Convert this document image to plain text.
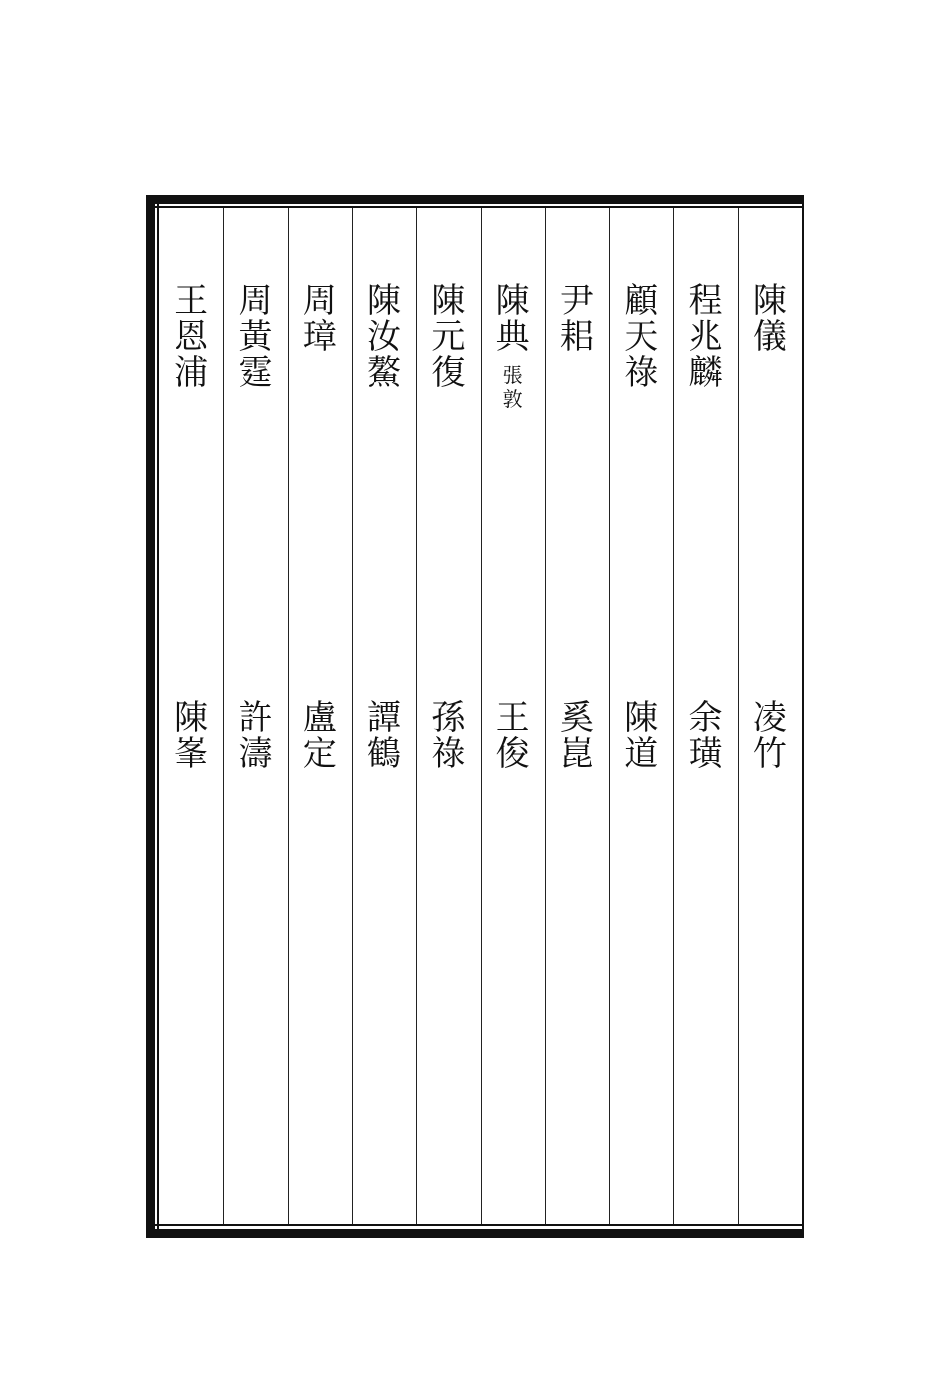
陳
儀
凌
竹
程
兆
麟
余
璜
顧
天
祿
陳
道
尹
耜
奚
崑
陳
典
張
敦
王
俊
陳
元
復
孫
祿
陳
汝
鰲
譚
鶴
周
璋
盧
定
周
黃
霆
許
濤
王
恩
浦
陳
峯
